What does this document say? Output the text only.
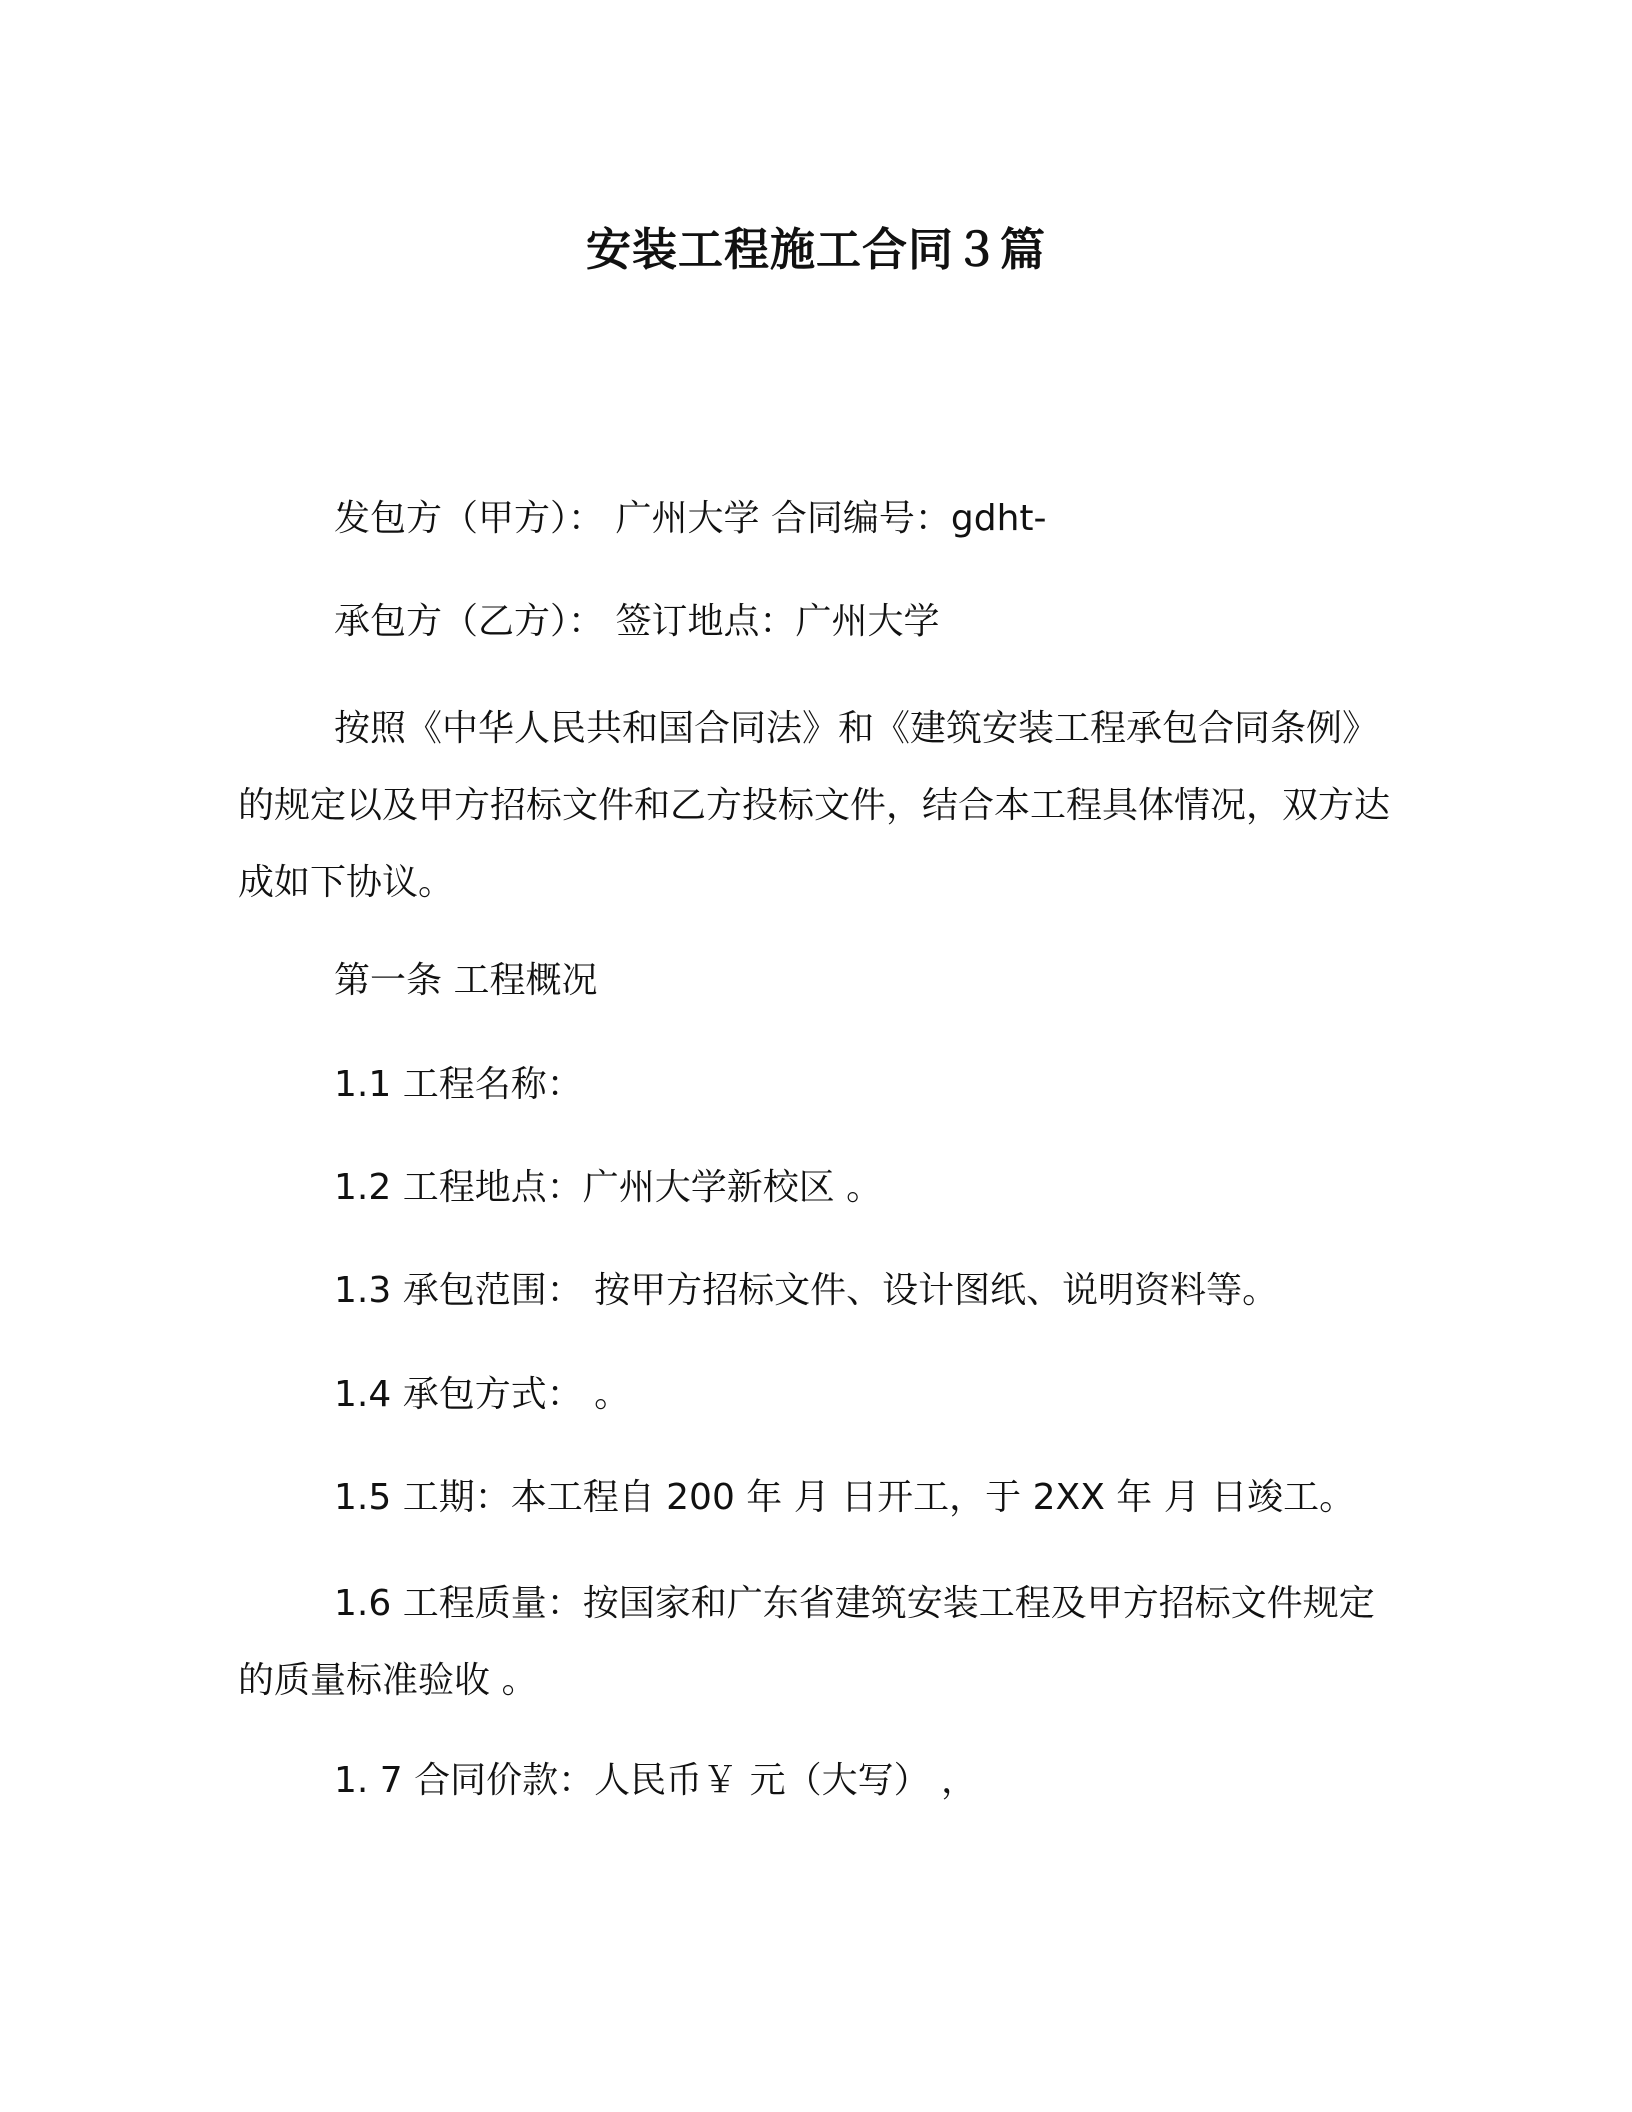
安装工程施工合同３篇
发包方（甲方）： 广州大学 合同编号：gdht-
承包方（乙方）： 签订地点：广州大学
按照《中华人民共和国合同法》和《建筑安装工程承包合同条例》的规定以及甲方招标文件和乙方投标文件，结合本工程具体情况，双方达成如下协议。
第一条 工程概况
1.1 工程名称：
1.2 工程地点：广州大学新校区 。
1.3 承包范围： 按甲方招标文件、设计图纸、说明资料等。
1.4 承包方式： 。
1.5 工期：本工程自 200 年 月 日开工，于 2XX 年 月 日竣工。
1.6 工程质量：按国家和广东省建筑安装工程及甲方招标文件规定的质量标准验收 。
1. 7 合同价款：人民币￥ 元（大写） ，
